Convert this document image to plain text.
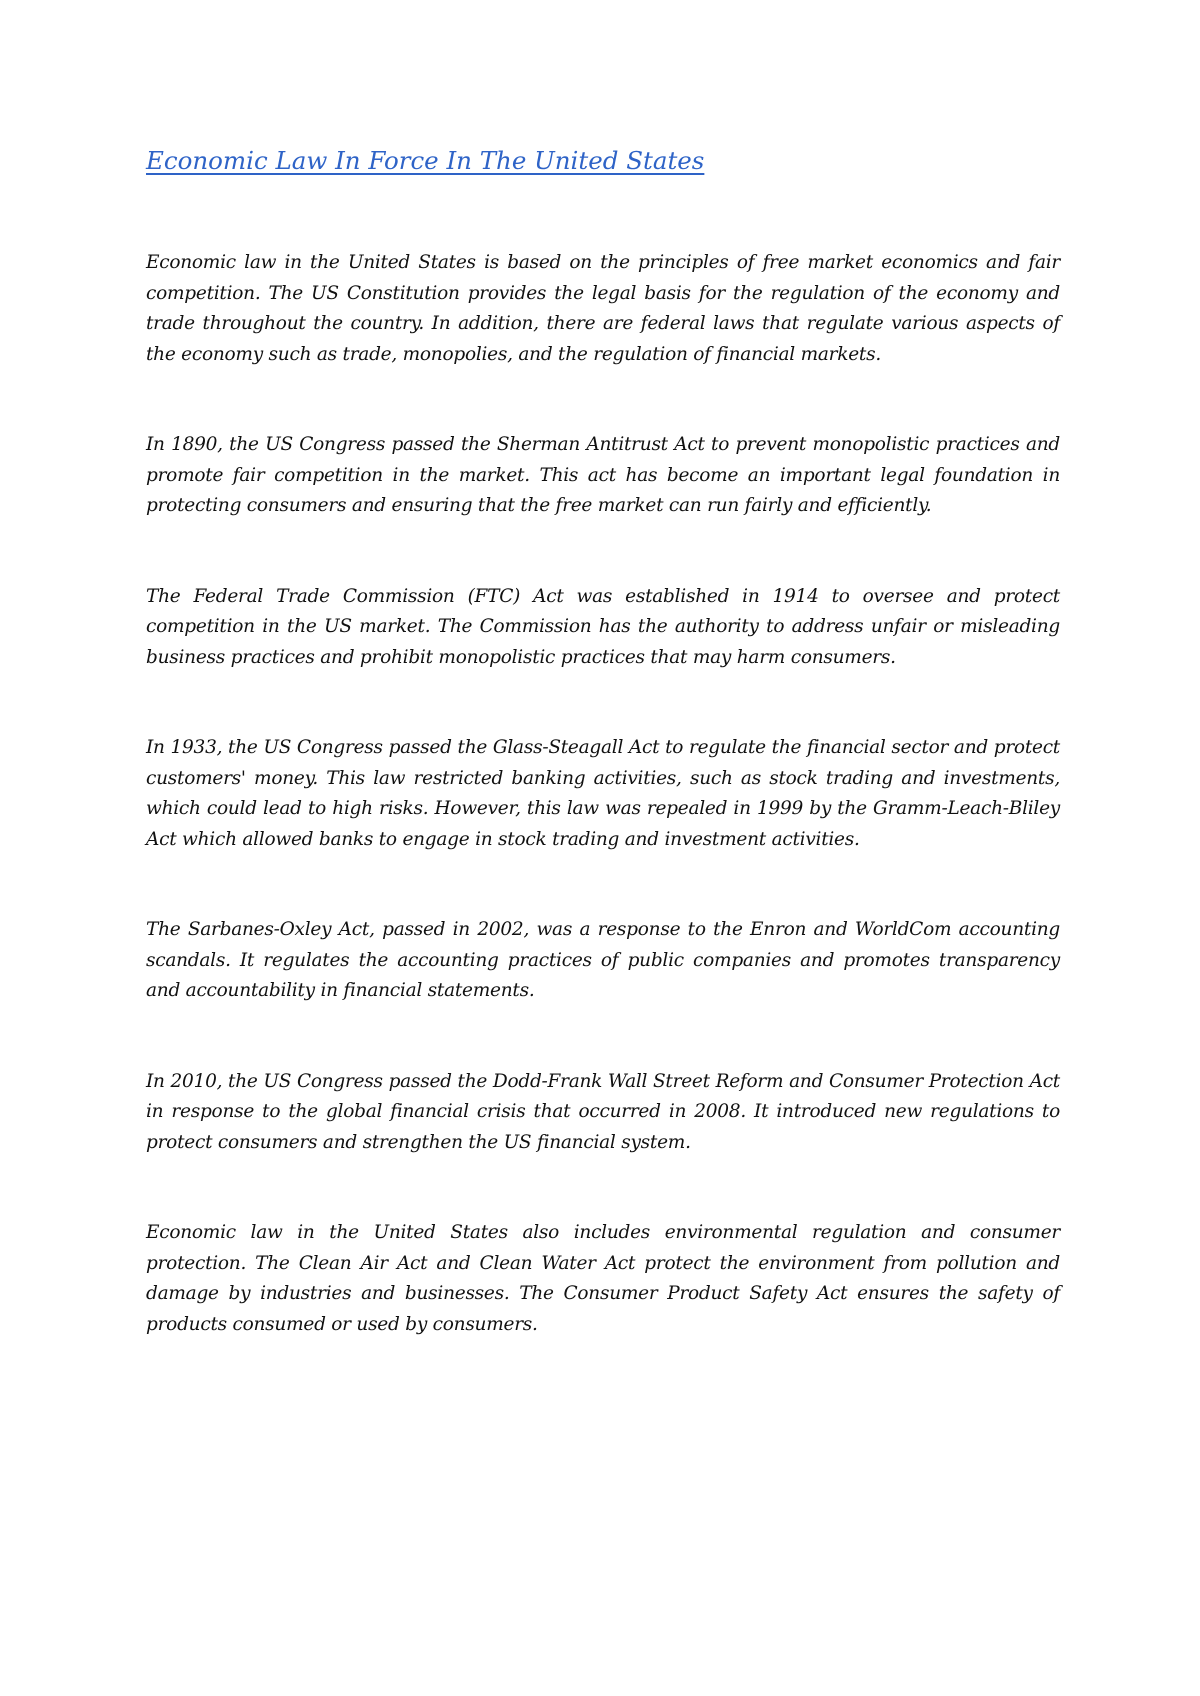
Economic Law In Force In The United States

Economic law in the United States is based on the principles of free market economics and fair competition. The US Constitution provides the legal basis for the regulation of the economy and trade throughout the country. In addition, there are federal laws that regulate various aspects of the economy such as trade, monopolies, and the regulation of financial markets.

In 1890, the US Congress passed the Sherman Antitrust Act to prevent monopolistic practices and promote fair competition in the market. This act has become an important legal foundation in protecting consumers and ensuring that the free market can run fairly and efficiently.

The Federal Trade Commission (FTC) Act was established in 1914 to oversee and protect competition in the US market. The Commission has the authority to address unfair or misleading business practices and prohibit monopolistic practices that may harm consumers.

In 1933, the US Congress passed the Glass-Steagall Act to regulate the financial sector and protect customers' money. This law restricted banking activities, such as stock trading and investments, which could lead to high risks. However, this law was repealed in 1999 by the Gramm-Leach-Bliley Act which allowed banks to engage in stock trading and investment activities.

The Sarbanes-Oxley Act, passed in 2002, was a response to the Enron and WorldCom accounting scandals. It regulates the accounting practices of public companies and promotes transparency and accountability in financial statements.

In 2010, the US Congress passed the Dodd-Frank Wall Street Reform and Consumer Protection Act in response to the global financial crisis that occurred in 2008. It introduced new regulations to protect consumers and strengthen the US financial system.

Economic law in the United States also includes environmental regulation and consumer protection. The Clean Air Act and Clean Water Act protect the environment from pollution and damage by industries and businesses. The Consumer Product Safety Act ensures the safety of products consumed or used by consumers.
